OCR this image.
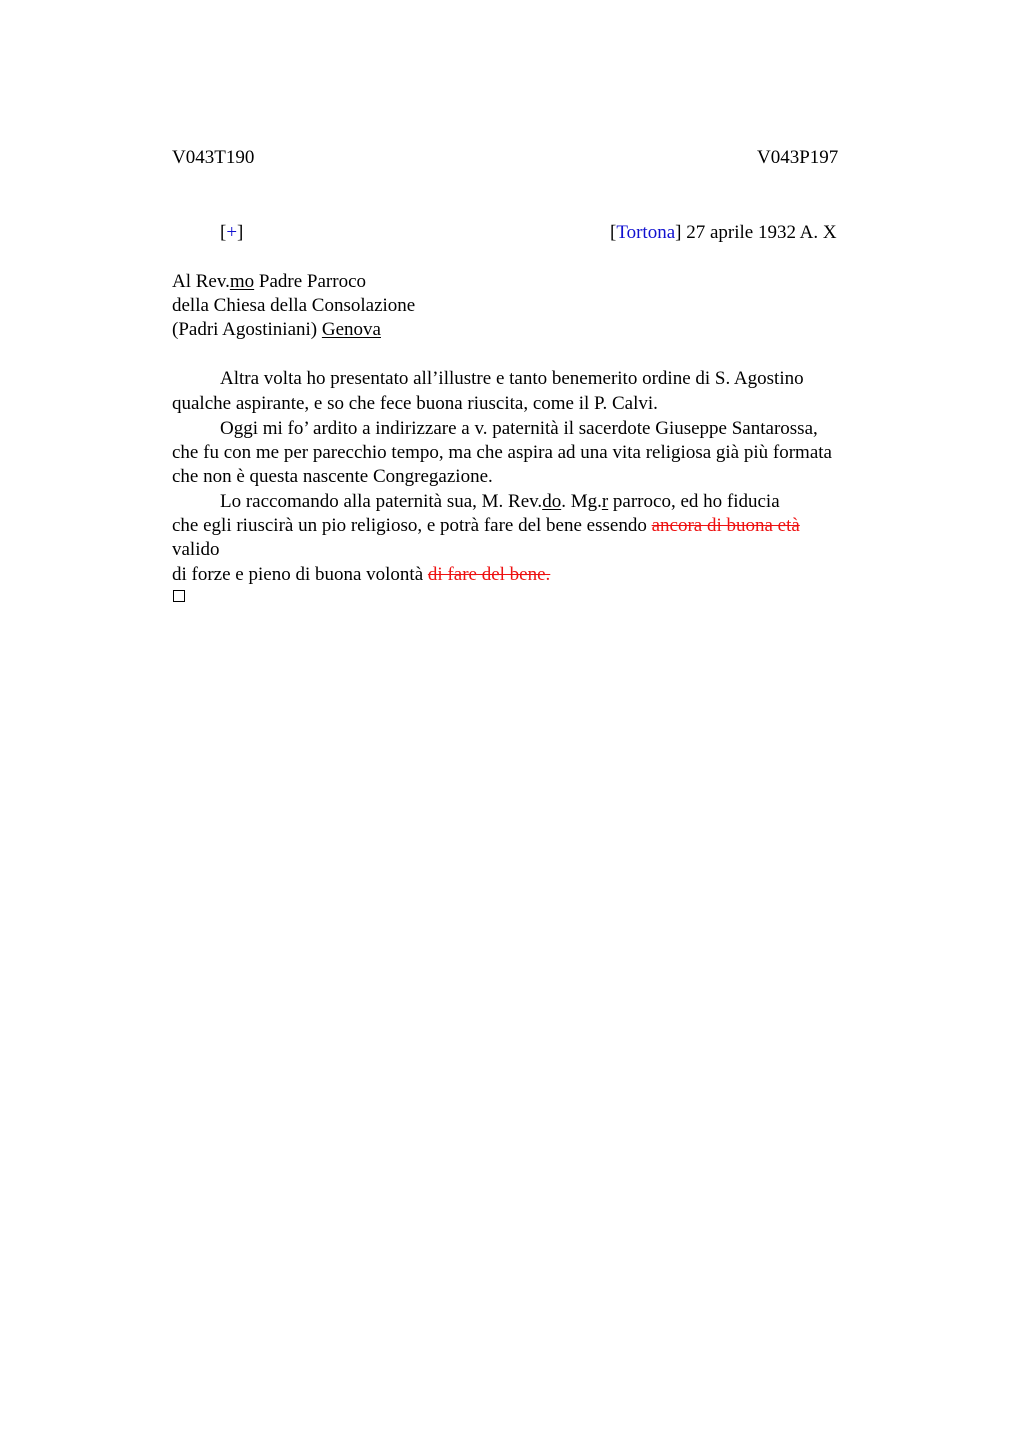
V043T190	V043P197
[+]	[Tortona] 27 aprile 1932 A. X
Al Rev.mo Padre Parroco
della Chiesa della Consolazione
(Padri Agostiniani) Genova
Altra volta ho presentato all’illustre e tanto benemerito ordine di S. Agostino
qualche aspirante, e so che fece buona riuscita, come il P. Calvi.
Oggi mi fo’ ardito a indirizzare a v. paternità il sacerdote Giuseppe Santarossa,
che fu con me per parecchio tempo, ma che aspira ad una vita religiosa già più formata
che non è questa nascente Congregazione.
Lo raccomando alla paternità sua, M. Rev.do. Mg.r parroco, ed ho fiducia
che egli riuscirà un pio religioso, e potrà fare del bene essendo ancora di buona età
valido
di forze e pieno di buona volontà di fare del bene.
